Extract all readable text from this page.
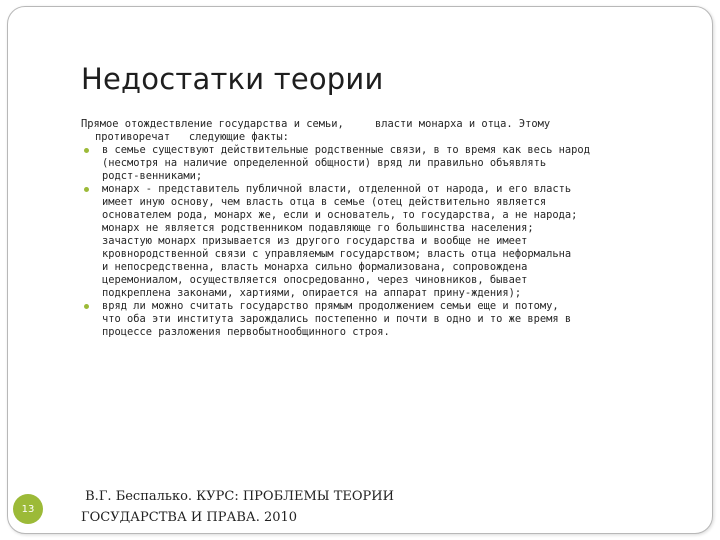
Недостатки теории
Прямое отождествление государства и семьи,     власти монарха и отца. Этому
противоречат   следующие факты:
в семье существуют действительные родственные связи, в то время как весь народ
(несмотря на наличие определенной общности) вряд ли правильно объявлять
родст-венниками;
монарх - представитель публичной власти, отделенной от народа, и его власть
имеет иную основу, чем власть отца в семье (отец действительно является
основателем рода, монарх же, если и основатель, то государства, а не народа;
монарх не является родственником подавляюще го большинства населения;
зачастую монарх призывается из другого государства и вообще не имеет
кровнородственной связи с управляемым государством; власть отца неформальна
и непосредственна, власть монарха сильно формализована, сопровождена
церемониалом, осуществляется опосредованно, через чиновников, бывает
подкреплена законами, хартиями, опирается на аппарат прину-ждения);
вряд ли можно считать государство прямым продолжением семьи еще и потому,
что оба эти института зарождались постепенно и почти в одно и то же время в
процессе разложения первобытнообщинного строя.
13
В.Г. Беспалько. КУРС: ПРОБЛЕМЫ ТЕОРИИ
ГОСУДАРСТВА И ПРАВА. 2010
